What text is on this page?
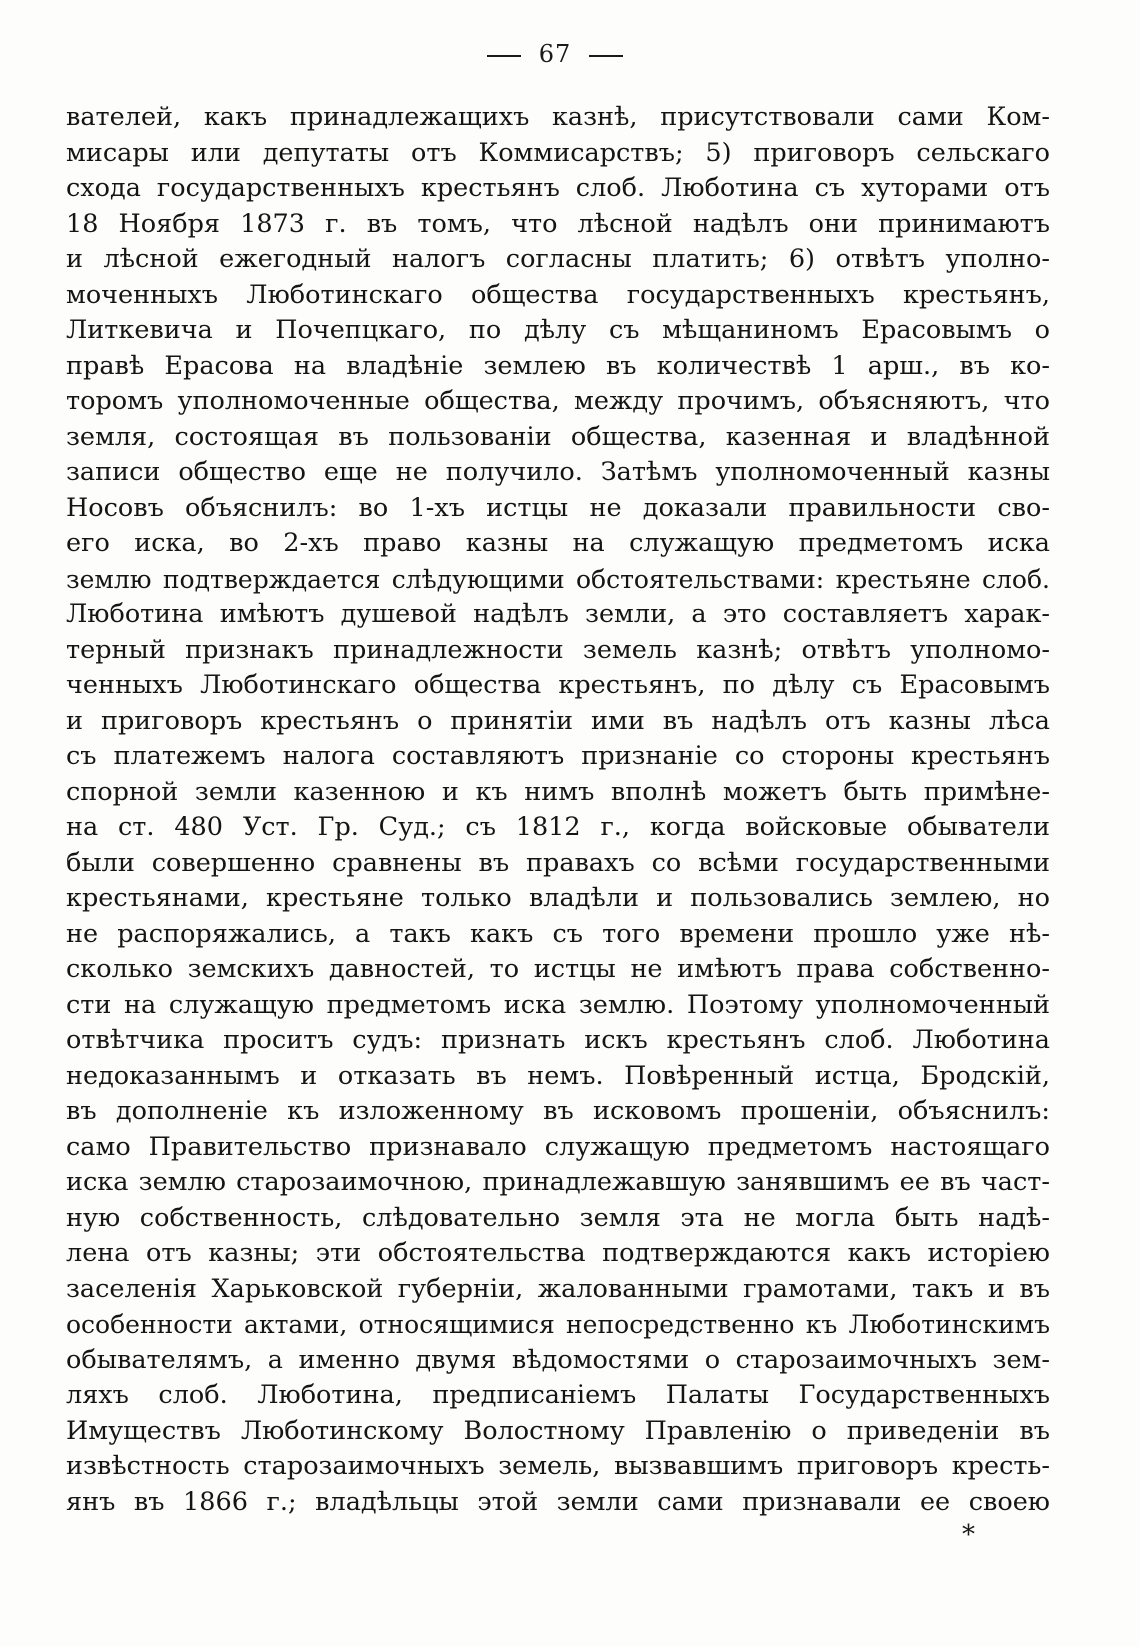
67
вателей, какъ принадлежащихъ казнѣ, присутствовали сами Ком-
мисары или депутаты отъ Коммисарствъ; 5) приговоръ сельскаго
схода государственныхъ крестьянъ слоб. Люботина съ хуторами отъ
18 Ноября 1873 г. въ томъ, что лѣсной надѣлъ они принимаютъ
и лѣсной ежегодный налогъ согласны платить; 6) отвѣтъ уполно-
моченныхъ Люботинскаго общества государственныхъ крестьянъ,
Литкевича и Почепцкаго, по дѣлу съ мѣщаниномъ Ерасовымъ о
правѣ Ерасова на владѣніе землею въ количествѣ 1 арш., въ ко-
торомъ уполномоченные общества, между прочимъ, объясняютъ, что
земля, состоящая въ пользованіи общества, казенная и владѣнной
записи общество еще не получило. Затѣмъ уполномоченный казны
Носовъ объяснилъ: во 1-хъ истцы не доказали правильности сво-
его иска, во 2-хъ право казны на служащую предметомъ иска
землю подтверждается слѣдующими обстоятельствами: крестьяне слоб.
Люботина имѣютъ душевой надѣлъ земли, а это составляетъ харак-
терный признакъ принадлежности земель казнѣ; отвѣтъ уполномо-
ченныхъ Люботинскаго общества крестьянъ, по дѣлу съ Ерасовымъ
и приговоръ крестьянъ о принятіи ими въ надѣлъ отъ казны лѣса
съ платежемъ налога составляютъ признаніе со стороны крестьянъ
спорной земли казенною и къ нимъ вполнѣ можетъ быть примѣне-
на ст. 480 Уст. Гр. Суд.; съ 1812 г., когда войсковые обыватели
были совершенно сравнены въ правахъ со всѣми государственными
крестьянами, крестьяне только владѣли и пользовались землею, но
не распоряжались, а такъ какъ съ того времени прошло уже нѣ-
сколько земскихъ давностей, то истцы не имѣютъ права собственно-
сти на служащую предметомъ иска землю. Поэтому уполномоченный
отвѣтчика проситъ судъ: признать искъ крестьянъ слоб. Люботина
недоказаннымъ и отказать въ немъ. Повѣренный истца, Бродскій,
въ дополненіе къ изложенному въ исковомъ прошеніи, объяснилъ:
само Правительство признавало служащую предметомъ настоящаго
иска землю старозаимочною, принадлежавшую занявшимъ ее въ част-
ную собственность, слѣдовательно земля эта не могла быть надѣ-
лена отъ казны; эти обстоятельства подтверждаются какъ исторіею
заселенія Харьковской губерніи, жалованными грамотами, такъ и въ
особенности актами, относящимися непосредственно къ Люботинскимъ
обывателямъ, а именно двумя вѣдомостями о старозаимочныхъ зем-
ляхъ слоб. Люботина, предписаніемъ Палаты Государственныхъ
Имуществъ Люботинскому Волостному Правленію о приведеніи въ
извѣстность старозаимочныхъ земель, вызвавшимъ приговоръ кресть-
янъ въ 1866 г.; владѣльцы этой земли сами признавали ее своею
*
